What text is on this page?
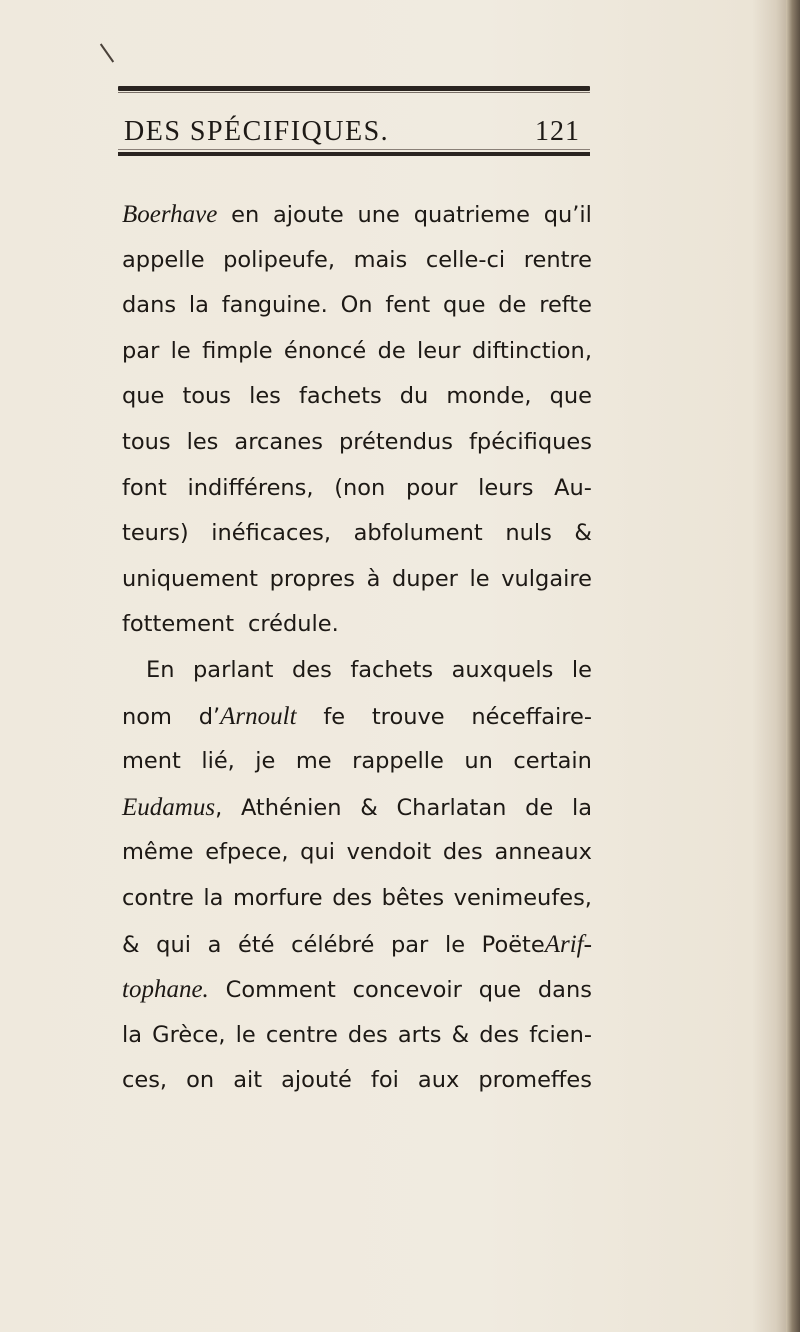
DES SPÉCIFIQUES.	121
Boerhave en ajoute une quatrieme qu’il
appelle polipeufe, mais celle-ci rentre
dans la fanguine. On fent que de refte
par le fimple énoncé de leur diftinction,
que tous les fachets du monde, que
tous les arcanes prétendus fpécifiques
font indifférens, (non pour leurs Au-
teurs) inéficaces, abfolument nuls &
uniquement propres à duper le vulgaire
fottement crédule.
En parlant des fachets auxquels le
nom d’Arnoult fe trouve néceffaire-
ment lié, je me rappelle un certain
Eudamus, Athénien & Charlatan de la
même efpece, qui vendoit des anneaux
contre la morfure des bêtes venimeufes,
& qui a été célébré par le PoëteArif-
tophane. Comment concevoir que dans
la Grèce, le centre des arts & des fcien-
ces, on ait ajouté foi aux promeffes
